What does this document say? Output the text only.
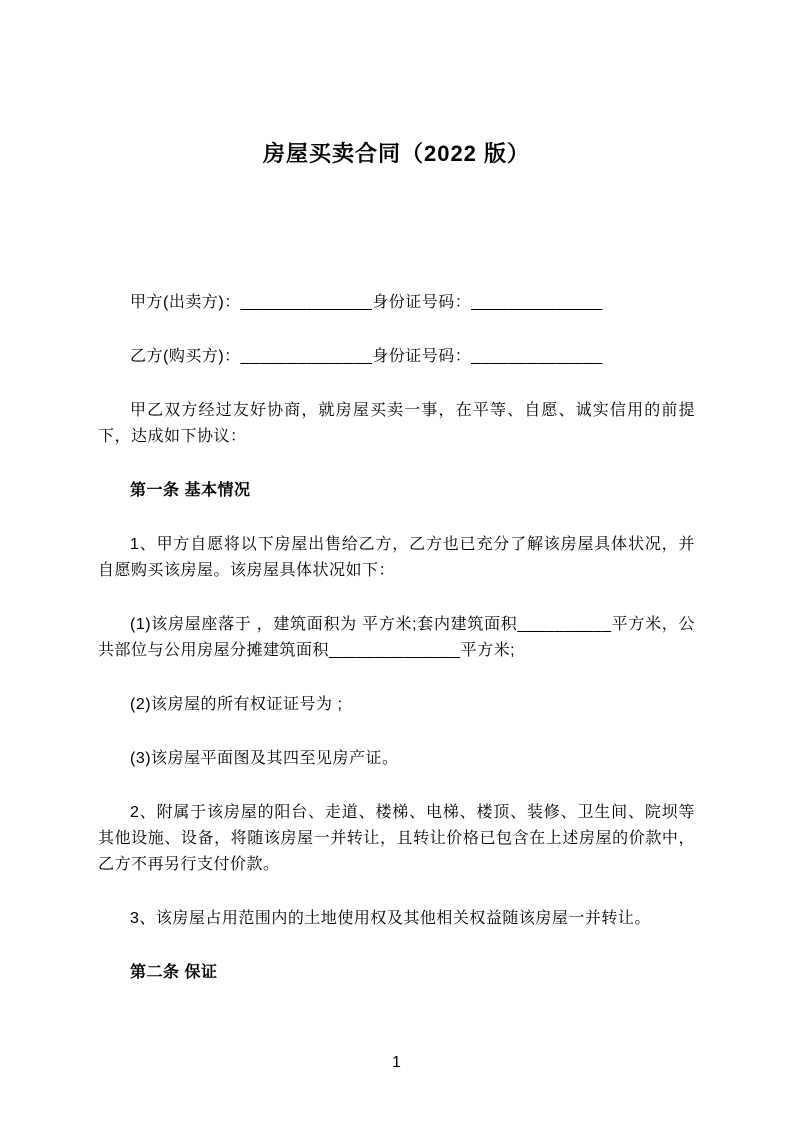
房屋买卖合同（2022 版）

甲方(出卖方)：______________身份证号码：______________

乙方(购买方)：______________身份证号码：______________

甲乙双方经过友好协商，就房屋买卖一事，在平等、自愿、诚实信用的前提下，达成如下协议：

第一条 基本情况

1、甲方自愿将以下房屋出售给乙方，乙方也已充分了解该房屋具体状况，并自愿购买该房屋。该房屋具体状况如下：

(1)该房屋座落于 ，建筑面积为 平方米;套内建筑面积__________平方米，公共部位与公用房屋分摊建筑面积______________平方米;

(2)该房屋的所有权证证号为 ;

(3)该房屋平面图及其四至见房产证。

2、附属于该房屋的阳台、走道、楼梯、电梯、楼顶、装修、卫生间、院坝等其他设施、设备，将随该房屋一并转让，且转让价格已包含在上述房屋的价款中，乙方不再另行支付价款。

3、该房屋占用范围内的土地使用权及其他相关权益随该房屋一并转让。

第二条 保证

1
